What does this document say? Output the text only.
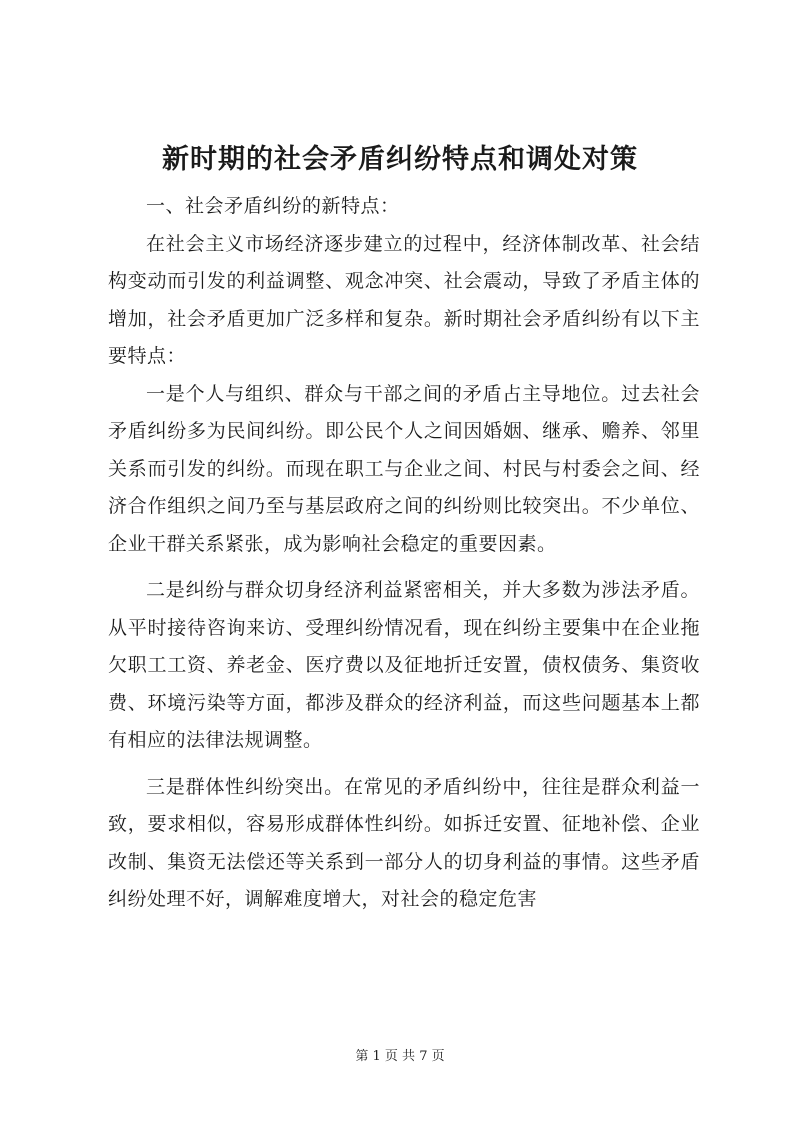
新时期的社会矛盾纠纷特点和调处对策

一、社会矛盾纠纷的新特点：

在社会主义市场经济逐步建立的过程中，经济体制改革、社会结构变动而引发的利益调整、观念冲突、社会震动，导致了矛盾主体的增加，社会矛盾更加广泛多样和复杂。新时期社会矛盾纠纷有以下主要特点：

一是个人与组织、群众与干部之间的矛盾占主导地位。过去社会矛盾纠纷多为民间纠纷。即公民个人之间因婚姻、继承、赡养、邻里关系而引发的纠纷。而现在职工与企业之间、村民与村委会之间、经济合作组织之间乃至与基层政府之间的纠纷则比较突出。不少单位、企业干群关系紧张，成为影响社会稳定的重要因素。

二是纠纷与群众切身经济利益紧密相关，并大多数为涉法矛盾。从平时接待咨询来访、受理纠纷情况看，现在纠纷主要集中在企业拖欠职工工资、养老金、医疗费以及征地折迁安置，债权债务、集资收费、环境污染等方面，都涉及群众的经济利益，而这些问题基本上都有相应的法律法规调整。

三是群体性纠纷突出。在常见的矛盾纠纷中，往往是群众利益一致，要求相似，容易形成群体性纠纷。如拆迁安置、征地补偿、企业改制、集资无法偿还等关系到一部分人的切身利益的事情。这些矛盾纠纷处理不好，调解难度增大，对社会的稳定危害

第 1 页 共 7 页
